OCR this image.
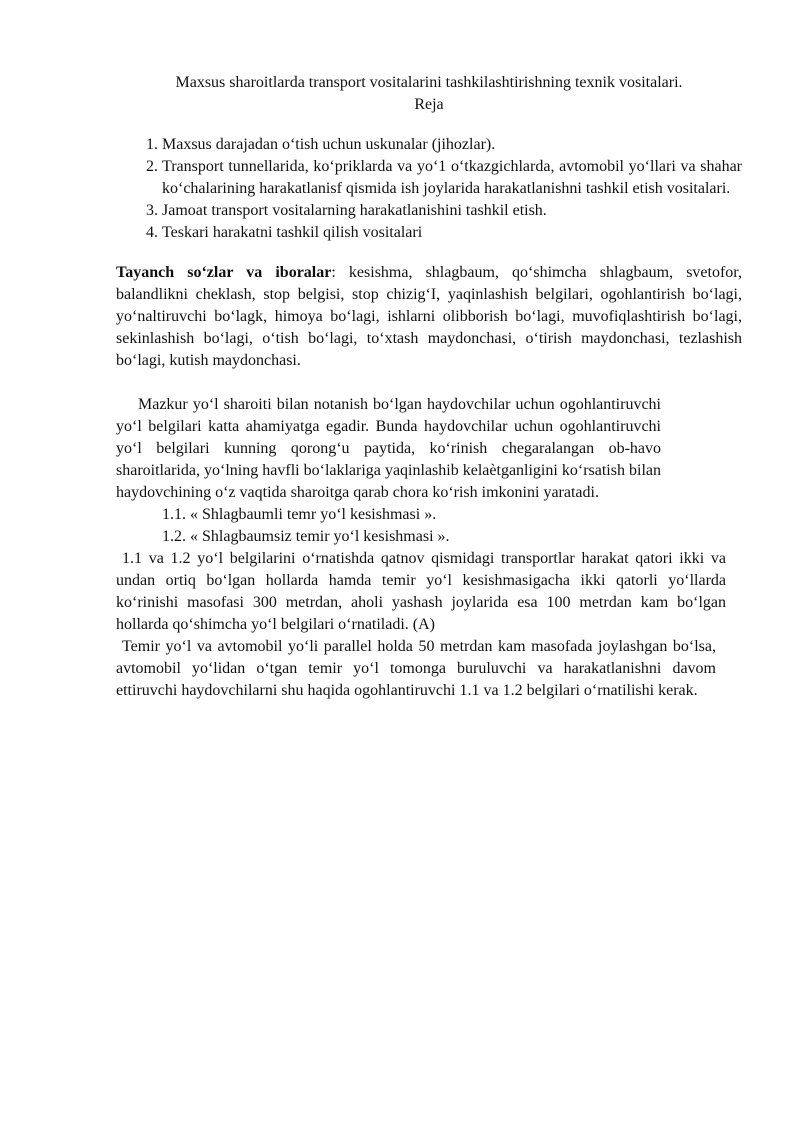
Maxsus sharoitlarda transport vositalarini tashkilashtirishning texnik vositalari.

Reja

1. Maxsus darajadan o‘tish uchun uskunalar (jihozlar).
2. Transport tunnellarida, ko‘priklarda va yo‘1 o‘tkazgichlarda, avtomobil yo‘llari va shahar ko‘chalarining harakatlanisf qismida ish joylarida harakatlanishni tashkil etish vositalari.
3. Jamoat transport vositalarning harakatlanishini tashkil etish.
4. Teskari harakatni tashkil qilish vositalari

Tayanch so‘zlar va iboralar: kesishma, shlagbaum, qo‘shimcha shlagbaum, svetofor, balandlikni cheklash, stop belgisi, stop chizig‘I, yaqinlashish belgilari, ogohlantirish bo‘lagi, yo‘naltiruvchi bo‘lagk, himoya bo‘lagi, ishlarni olibborish bo‘lagi, muvofiqlashtirish bo‘lagi, sekinlashish bo‘lagi, o‘tish bo‘lagi, to‘xtash maydonchasi, o‘tirish maydonchasi, tezlashish bo‘lagi, kutish maydonchasi.

Mazkur yo‘l sharoiti bilan notanish bo‘lgan haydovchilar uchun ogohlantiruvchi yo‘l belgilari katta ahamiyatga egadir. Bunda haydovchilar uchun ogohlantiruvchi yo‘l belgilari kunning qorong‘u paytida, ko‘rinish chegaralangan ob-havo sharoitlarida, yo‘lning havfli bo‘laklariga yaqinlashib kelaètganligini ko‘rsatish bilan haydovchining o‘z vaqtida sharoitga qarab chora ko‘rish imkonini yaratadi.

1.1. « Shlagbaumli temr yo‘l kesishmasi ».

1.2. « Shlagbaumsiz temir yo‘l kesishmasi ».

1.1 va 1.2 yo‘l belgilarini o‘rnatishda qatnov qismidagi transportlar harakat qatori ikki va undan ortiq bo‘lgan hollarda hamda temir yo‘l kesishmasigacha ikki qatorli yo‘llarda ko‘rinishi masofasi 300 metrdan, aholi yashash joylarida esa 100 metrdan kam bo‘lgan hollarda qo‘shimcha yo‘l belgilari o‘rnatiladi. (A)

Temir yo‘l va avtomobil yo‘li parallel holda 50 metrdan kam masofada joylashgan bo‘lsa, avtomobil yo‘lidan o‘tgan temir yo‘l tomonga buruluvchi va harakatlanishni davom ettiruvchi haydovchilarni shu haqida ogohlantiruvchi 1.1 va 1.2 belgilari o‘rnatilishi kerak.
